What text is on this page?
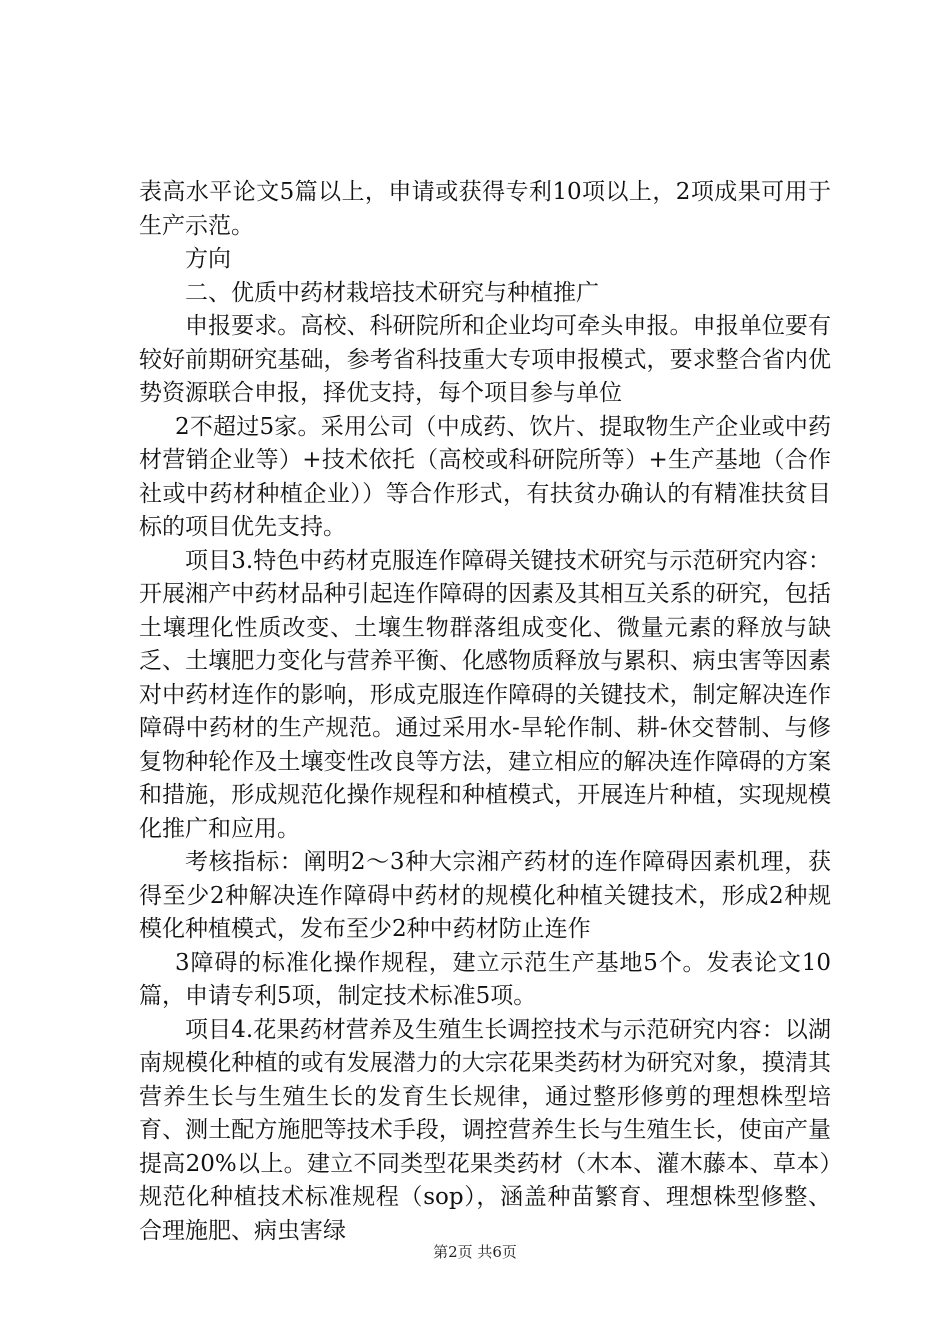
表高水平论文5篇以上，申请或获得专利10项以上，2项成果可用于生产示范。

方向

二、优质中药材栽培技术研究与种植推广

申报要求。高校、科研院所和企业均可牵头申报。申报单位要有较好前期研究基础，参考省科技重大专项申报模式，要求整合省内优势资源联合申报，择优支持，每个项目参与单位

2不超过5家。采用公司（中成药、饮片、提取物生产企业或中药材营销企业等）+技术依托（高校或科研院所等）+生产基地（合作社或中药材种植企业））等合作形式，有扶贫办确认的有精准扶贫目标的项目优先支持。

项目3.特色中药材克服连作障碍关键技术研究与示范研究内容：开展湘产中药材品种引起连作障碍的因素及其相互关系的研究，包括土壤理化性质改变、土壤生物群落组成变化、微量元素的释放与缺乏、土壤肥力变化与营养平衡、化感物质释放与累积、病虫害等因素对中药材连作的影响，形成克服连作障碍的关键技术，制定解决连作障碍中药材的生产规范。通过采用水-旱轮作制、耕-休交替制、与修复物种轮作及土壤变性改良等方法，建立相应的解决连作障碍的方案和措施，形成规范化操作规程和种植模式，开展连片种植，实现规模化推广和应用。

考核指标：阐明2～3种大宗湘产药材的连作障碍因素机理，获得至少2种解决连作障碍中药材的规模化种植关键技术，形成2种规模化种植模式，发布至少2种中药材防止连作

3障碍的标准化操作规程，建立示范生产基地5个。发表论文10篇，申请专利5项，制定技术标准5项。

项目4.花果药材营养及生殖生长调控技术与示范研究内容：以湖南规模化种植的或有发展潜力的大宗花果类药材为研究对象，摸清其营养生长与生殖生长的发育生长规律，通过整形修剪的理想株型培育、测土配方施肥等技术手段，调控营养生长与生殖生长，使亩产量提高20%以上。建立不同类型花果类药材（木本、灌木藤本、草本）规范化种植技术标准规程（sop），涵盖种苗繁育、理想株型修整、合理施肥、病虫害绿

第2页 共6页
